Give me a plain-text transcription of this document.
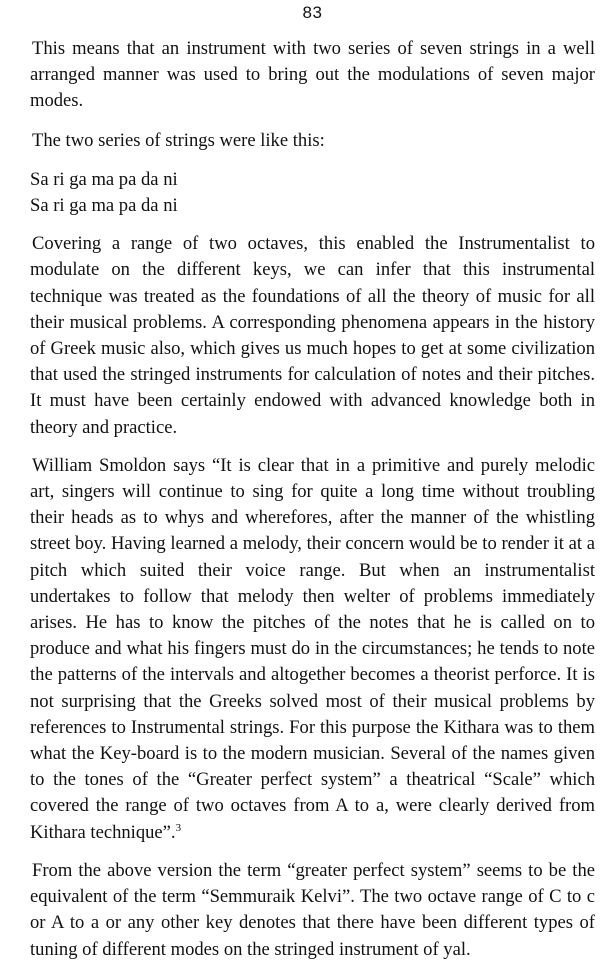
83

This means that an instrument with two series of seven strings in a well arranged manner was used to bring out the modulations of seven major modes.

The two series of strings were like this:

Sa ri ga ma pa da ni
Sa ri ga ma pa da ni

Covering a range of two octaves, this enabled the Instrumentalist to modulate on the different keys, we can infer that this instrumental technique was treated as the foundations of all the theory of music for all their musical problems. A corresponding phenomena appears in the history of Greek music also, which gives us much hopes to get at some civilization that used the stringed instruments for calculation of notes and their pitches. It must have been certainly endowed with advanced knowledge both in theory and practice.

William Smoldon says “It is clear that in a primitive and purely melodic art, singers will continue to sing for quite a long time without troubling their heads as to whys and wherefores, after the manner of the whistling street boy. Having learned a melody, their concern would be to render it at a pitch which suited their voice range. But when an instrumentalist undertakes to follow that melody then welter of problems immediately arises. He has to know the pitches of the notes that he is called on to produce and what his fingers must do in the circumstances; he tends to note the patterns of the intervals and altogether becomes a theorist perforce. It is not surprising that the Greeks solved most of their musical problems by references to Instrumental strings. For this purpose the Kithara was to them what the Key-board is to the modern musician. Several of the names given to the tones of the “Greater perfect system” a theatrical “Scale” which covered the range of two octaves from A to a, were clearly derived from Kithara technique”.$^3$

From the above version the term “greater perfect system” seems to be the equivalent of the term “Semmuraik Kelvi”. The two octave range of C to c or A to a or any other key denotes that there have been different types of tuning of different modes on the stringed instrument of yal.
